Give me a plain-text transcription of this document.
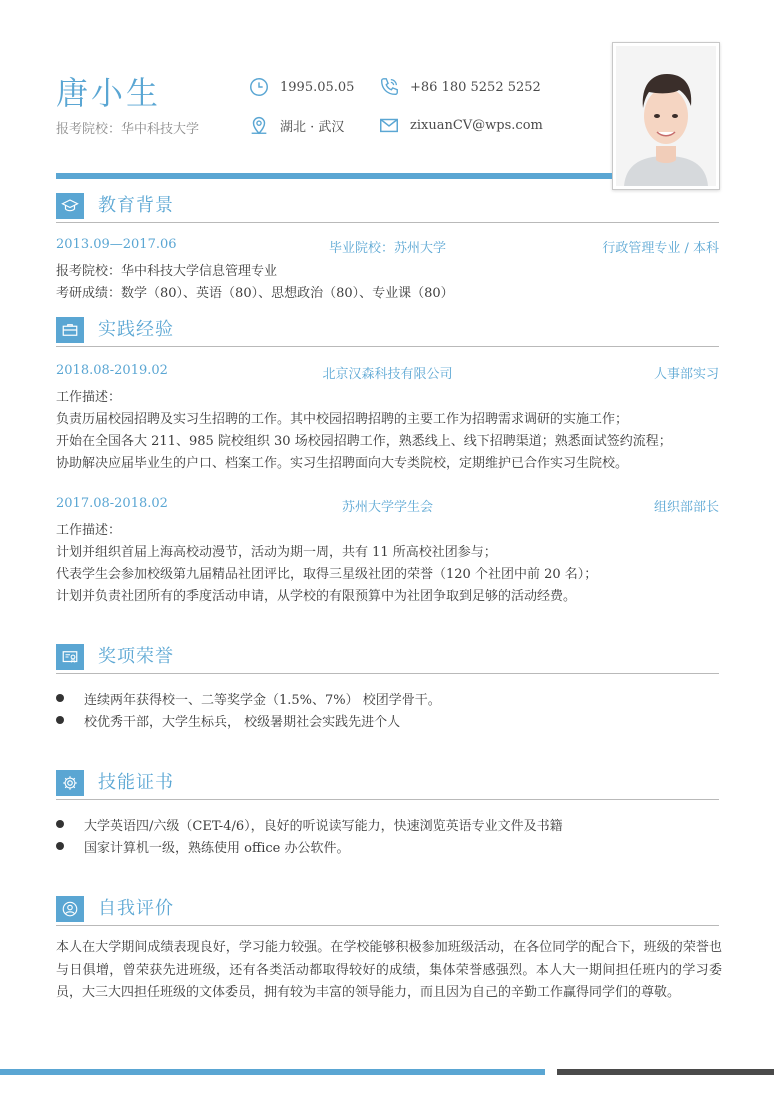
唐小生
报考院校：华中科技大学
1995.05.05	+86 180 5252 5252
湖北 · 武汉	zixuanCV@wps.com
教育背景
2013.09—2017.06	毕业院校：苏州大学	行政管理专业 / 本科
报考院校：华中科技大学信息管理专业
考研成绩：数学（80）、英语（80）、思想政治（80）、专业课（80）
实践经验
2018.08-2019.02	北京汉森科技有限公司	人事部实习
工作描述：
负责历届校园招聘及实习生招聘的工作。其中校园招聘招聘的主要工作为招聘需求调研的实施工作；
开始在全国各大 211、985 院校组织 30 场校园招聘工作，熟悉线上、线下招聘渠道；熟悉面试签约流程；
协助解决应届毕业生的户口、档案工作。实习生招聘面向大专类院校，定期维护已合作实习生院校。
2017.08-2018.02	苏州大学学生会	组织部部长
工作描述：
计划并组织首届上海高校动漫节，活动为期一周，共有 11 所高校社团参与；
代表学生会参加校级第九届精品社团评比，取得三星级社团的荣誉（120 个社团中前 20 名）；
计划并负责社团所有的季度活动申请，从学校的有限预算中为社团争取到足够的活动经费。
奖项荣誉
连续两年获得校一、二等奖学金（1.5%、7%） 校团学骨干。
校优秀干部，大学生标兵， 校级暑期社会实践先进个人
技能证书
大学英语四/六级（CET-4/6），良好的听说读写能力，快速浏览英语专业文件及书籍
国家计算机一级，熟练使用 office 办公软件。
自我评价
本人在大学期间成绩表现良好，学习能力较强。在学校能够积极参加班级活动，在各位同学的配合下，班级的荣誉也与日俱增，曾荣获先进班级，还有各类活动都取得较好的成绩，集体荣誉感强烈。本人大一期间担任班内的学习委员，大三大四担任班级的文体委员，拥有较为丰富的领导能力，而且因为自己的辛勤工作赢得同学们的尊敬。
